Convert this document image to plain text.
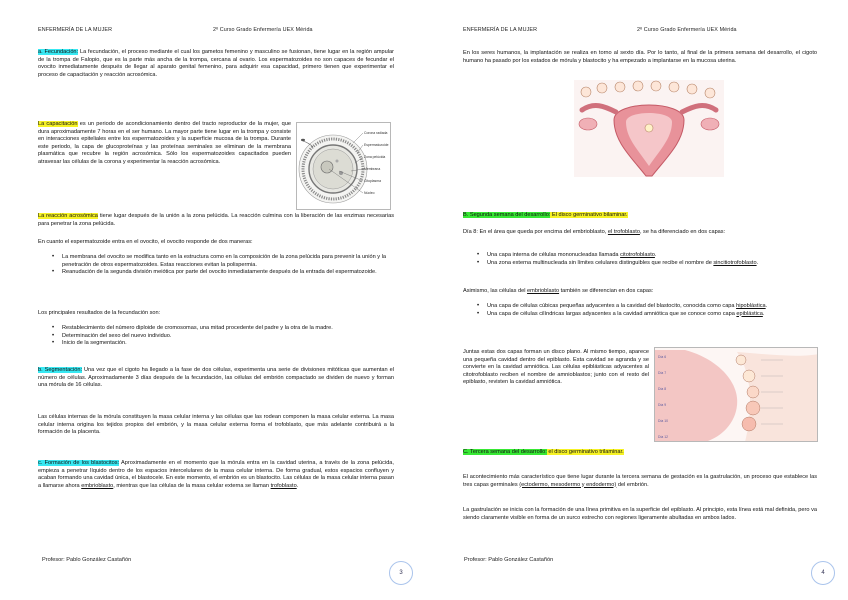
ENFERMERÍA DE LA MUJER	2º Curso Grado Enfermería UEX Mérida
a. Fecundación: La fecundación, el proceso mediante el cual los gametos femenino y masculino se fusionan, tiene lugar en la región ampular de la trompa de Falopio, que es la parte más ancha de la trompa, cercana al ovario. Los espermatozoides no son capaces de fecundar el ovocito inmediatamente después de llegar al aparato genital femenino, para adquirir esa capacidad, primero tienen que experimentar el proceso de capacitación y reacción acrosómica.
La capacitación es un periodo de acondicionamiento dentro del tracto reproductor de la mujer, que dura aproximadamente 7 horas en el ser humano. La mayor parte tiene lugar en la trompa y consiste en interacciones epiteliales entre los espermatozoides y la superficie mucosa de la trompa. Durante este periodo, la capa de glucoproteínas y las proteínas seminales se eliminan de la membrana plasmática que recubre la región acrosómica. Sólo los espermatozoides capacitados pueden atravesar las células de la corona y experimentar la reacción acrosómica.
Corona radiada
Espermatozoide
Zona pelúcida
Membrana
Citoplasma
Núcleo
La reacción acrosómica tiene lugar después de la unión a la zona pelúcida. La reacción culmina con la liberación de las enzimas necesarias para penetrar la zona pelúcida.
En cuanto el espermatozoide entra en el ovocito, el ovocito responde de dos maneras:
• La membrana del ovocito se modifica tanto en la estructura como en la composición de la zona pelúcida para prevenir la unión y la penetración de otros espermatozoides. Estas reacciones evitan la polispermia.
• Reanudación de la segunda división meiótica por parte del ovocito inmediatamente después de la entrada del espermatozoide.
Los principales resultados de la fecundación son:
• Restablecimiento del número diploide de cromosomas, una mitad procedente del padre y la otra de la madre.
• Determinación del sexo del nuevo individuo.
• Inicio de la segmentación.
b. Segmentación: Una vez que el cigoto ha llegado a la fase de dos células, experimenta una serie de divisiones mitóticas que aumentan el número de células. Aproximadamente 3 días después de la fecundación, las células del embrión compactado se dividen de nuevo y forman una mórula de 16 células.
Las células internas de la mórula constituyen la masa celular interna y las células que las rodean componen la masa celular externa. La masa celular interna origina los tejidos propios del embrión, y la masa celular externa forma el trofoblasto, que más adelante contribuirá a la formación de la placenta.
c. Formación de los blastocitos: Aproximadamente en el momento que la mórula entra en la cavidad uterina, a través de la zona pelúcida, empieza a penetrar líquido dentro de los espacios intercelulares de la masa celular interna. De forma gradual, estos espacios confluyen y acaban formando una cavidad única, el blastocele. En este momento, el embrión es un blastocito. Las células de la masa celular interna pasan a llamarse ahora embrioblasto, mientras que las células de la masa celular externa se llaman trofoblasto.
Profesor: Pablo González Castañón
3
ENFERMERÍA DE LA MUJER	2º Curso Grado Enfermería UEX Mérida
En los seres humanos, la implantación se realiza en torno al sexto día. Por lo tanto, al final de la primera semana del desarrollo, el cigoto humano ha pasado por los estados de mórula y blastocito y ha empezado a implantarse en la mucosa uterina.
B. Segunda semana del desarrollo: El disco germinativo bilaminar.
Día 8: En el área que queda por encima del embrioblasto, el trofoblasto, se ha diferenciado en dos capas:
• Una capa interna de células mononucleadas llamada citotrofoblasto.
• Una zona externa multinucleada sin límites celulares distinguibles que recibe el nombre de sincitiotrofoblasto.
Asimismo, las células del embrioblasto también se diferencian en dos capas:
• Una capa de células cúbicas pequeñas adyacentes a la cavidad del blastocito, conocida como capa hipoblástica.
• Una capa de células cilíndricas largas adyacentes a la cavidad amniótica que se conoce como capa epiblástica.
Juntas estas dos capas forman un disco plano. Al mismo tiempo, aparece una pequeña cavidad dentro del epiblasto. Esta cavidad se agranda y se convierte en la cavidad amniótica. Las células epiblásticas adyacentes al citotrofoblasto reciben el nombre de amnioblastos; junto con el resto del epiblasto, revisten la cavidad amniótica.
Día 6
Día 7
Día 8
Día 9
Día 10
Día 12
C. Tercera semana del desarrollo: el disco germinativo trilaminar.
El acontecimiento más característico que tiene lugar durante la tercera semana de gestación es la gastrulación, un proceso que establece las tres capas germinales (ectodermo, mesodermo y endodermo) del embrión.
La gastrulación se inicia con la formación de una línea primitiva en la superficie del epiblasto. Al principio, esta línea está mal definida, pero va siendo claramente visible en forma de un surco estrecho con regiones ligeramente abultadas en ambos lados.
Profesor: Pablo González Castañón
4
